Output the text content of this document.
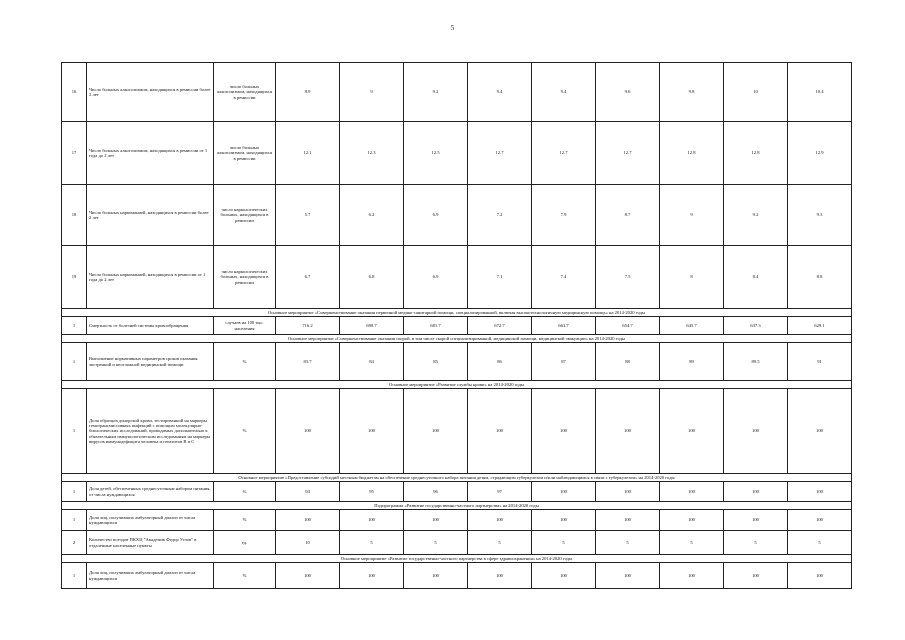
5
16	Число больных алкоголизмом, находящихся в ремиссии более 2 лет	число больных алкоголизмом, находящихся в ремиссии	8.9	9	9.2	9.4	9.4	9.6	9.8	10	10.4
17	Число больных алкоголизмом, находящихся в ремиссии от 1 года до 2 лет	число больных алкоголизмом, находящихся в ремиссии	12.1	12.3	12.5	12.7	12.7	12.7	12.8	12.8	12.9
18	Число больных наркоманией, находящихся в ремиссии более 2 лет	число наркологических больных, находящихся в ремиссии	5.7	6.2	6.9	7.2	7.9	8.7	9	9.2	9.3
19	Число больных наркоманией, находящихся в ремиссии от 1 года до 2 лет	число наркологических больных, находящихся в ремиссии	6.7	6.8	6.9	7.1	7.4	7.5	8	8.4	8.8
Основное мероприятие «Совершенствование оказания первичной медико-санитарной помощи, специализированной, включая высокотехнологичную медицинскую помощь» на 2014-2020 годы											
1	Смертность от болезней системы кровообращения	случаев на 100 тыс. населения	716.2	690.7	681.7	672.7	663.7	654.7	645.7	637.3	629.1
Основное мероприятие «Совершенствование оказания скорой, в том числе скорой специализированной, медицинской помощи, медицинской эвакуации» на 2014-2020 годы											
1	Выполнение нормативных параметров сроков оказания экстренной и неотложной медицинской помощи	%	83.7	84	85	86	87	88	89	89.5	91
Основное мероприятие «Развитие службы крови» на 2014-2020 годы											
1	Доля образцов донорской крови, тестированной на маркеры гемотрансмиссивных инфекций с помощью молекулярно-биологических исследований, проводимых дополнительно к обязательным иммунологическим исследованиям на маркеры вирусов иммунодефицита человека и гепатитов В и С	%	100	100	100	100	100	100	100	100	100
Основное мероприятие «Предоставление субсидий местным бюджетам на обеспечение среднесуточного набора питания детям, страдающим туберкулезом и/или наблюдающимся в связи с туберкулезом» на 2014-2020 годы											
1	Доля детей, обеспеченных среднесуточным набором питания, от числа нуждающихся	%	94	95	96	97	100	100	100	100	100
Подпрограмма «Развитие государственно-частного партнерства» на 2014-2020 годы											
1	Доля лиц, получивших амбулаторный диализ от числа нуждающихся	%	100	100	100	100	100	100	100	100	100
2	Количество поездов ПКХЦ "Академик Федор Углов" в отдаленные населенные пункты	ед.	10	5	5	5	5	5	5	5	5
Основное мероприятие «Развитие государственно-частного партнерства в сфере здравоохранения» на 2014-2020 годы											
1	Доля лиц, получивших амбулаторный диализ от числа нуждающихся	%	100	100	100	100	100	100	100	100	100
